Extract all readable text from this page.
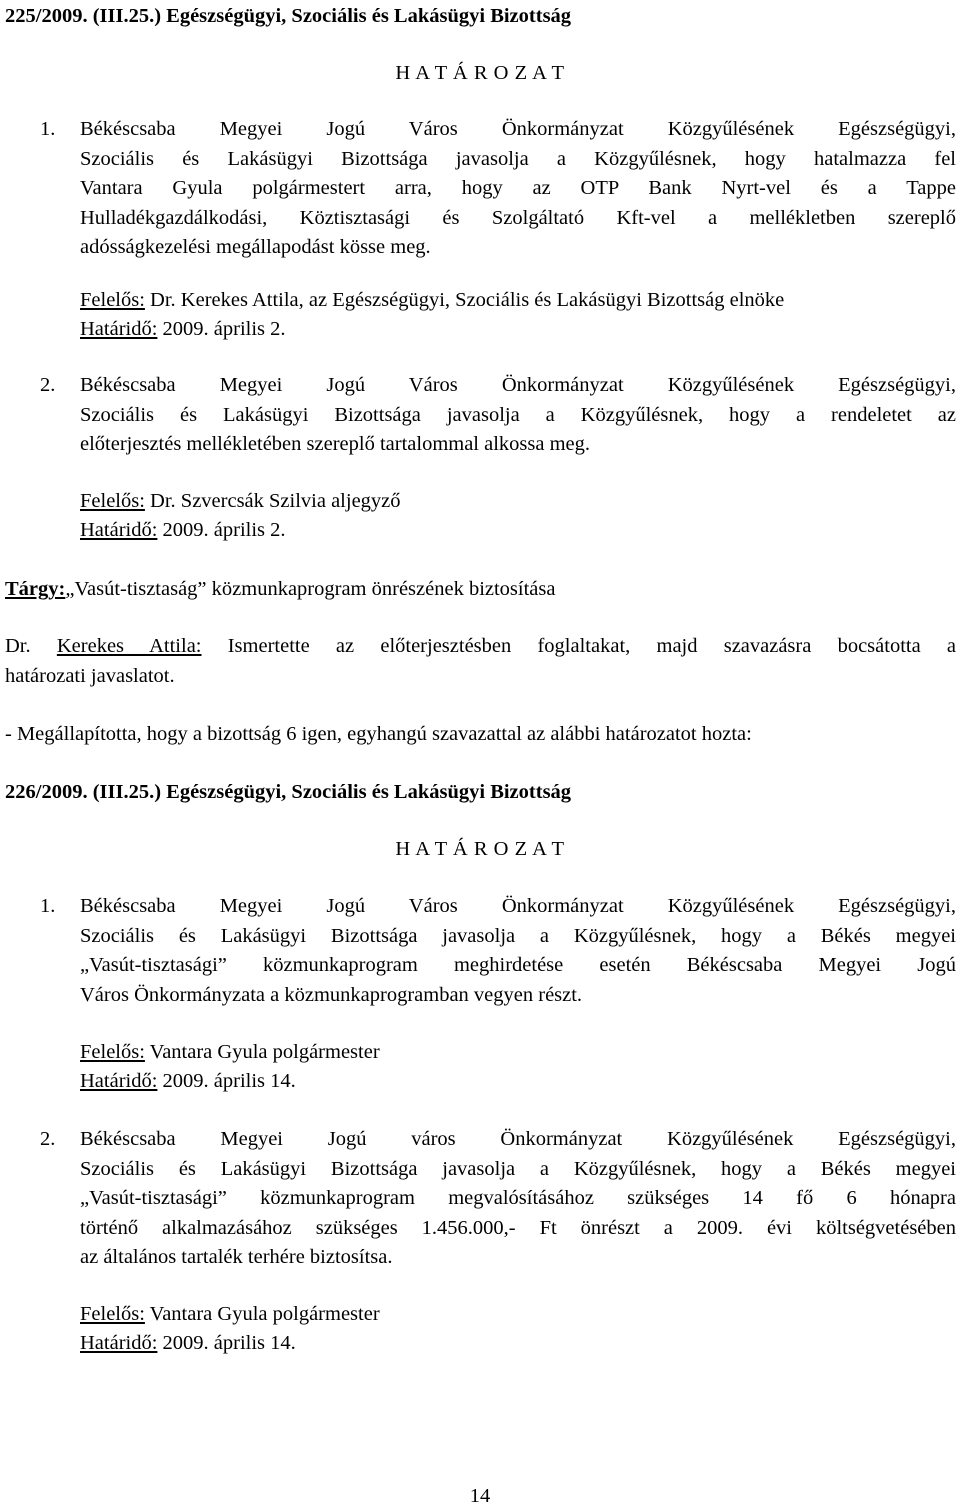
225/2009. (III.25.) Egészségügyi, Szociális és Lakásügyi Bizottság
H A T Á R O Z A T
1. Békéscsaba Megyei Jogú Város Önkormányzat Közgyűlésének Egészségügyi,
Szociális és Lakásügyi Bizottsága javasolja a Közgyűlésnek, hogy hatalmazza fel
Vantara Gyula polgármestert arra, hogy az OTP Bank Nyrt-vel és a Tappe
Hulladékgazdálkodási, Köztisztasági és Szolgáltató Kft-vel a mellékletben szereplő
adósságkezelési megállapodást kösse meg.
Felelős: Dr. Kerekes Attila, az Egészségügyi, Szociális és Lakásügyi Bizottság elnöke
Határidő: 2009. április 2.
2. Békéscsaba Megyei Jogú Város Önkormányzat Közgyűlésének Egészségügyi,
Szociális és Lakásügyi Bizottsága javasolja a Közgyűlésnek, hogy a rendeletet az
előterjesztés mellékletében szereplő tartalommal alkossa meg.
Felelős: Dr. Szvercsák Szilvia aljegyző
Határidő: 2009. április 2.
Tárgy:„Vasút-tisztaság” közmunkaprogram önrészének biztosítása
Dr. Kerekes Attila: Ismertette az előterjesztésben foglaltakat, majd szavazásra bocsátotta a
határozati javaslatot.
- Megállapította, hogy a bizottság 6 igen, egyhangú szavazattal az alábbi határozatot hozta:
226/2009. (III.25.) Egészségügyi, Szociális és Lakásügyi Bizottság
H A T Á R O Z A T
1. Békéscsaba Megyei Jogú Város Önkormányzat Közgyűlésének Egészségügyi,
Szociális és Lakásügyi Bizottsága javasolja a Közgyűlésnek, hogy a Békés megyei
„Vasút-tisztasági” közmunkaprogram meghirdetése esetén Békéscsaba Megyei Jogú
Város Önkormányzata a közmunkaprogramban vegyen részt.
Felelős: Vantara Gyula polgármester
Határidő: 2009. április 14.
2. Békéscsaba Megyei Jogú város Önkormányzat Közgyűlésének Egészségügyi,
Szociális és Lakásügyi Bizottsága javasolja a Közgyűlésnek, hogy a Békés megyei
„Vasút-tisztasági” közmunkaprogram megvalósításához szükséges 14 fő 6 hónapra
történő alkalmazásához szükséges 1.456.000,- Ft önrészt a 2009. évi költségvetésében
az általános tartalék terhére biztosítsa.
Felelős: Vantara Gyula polgármester
Határidő: 2009. április 14.
14
